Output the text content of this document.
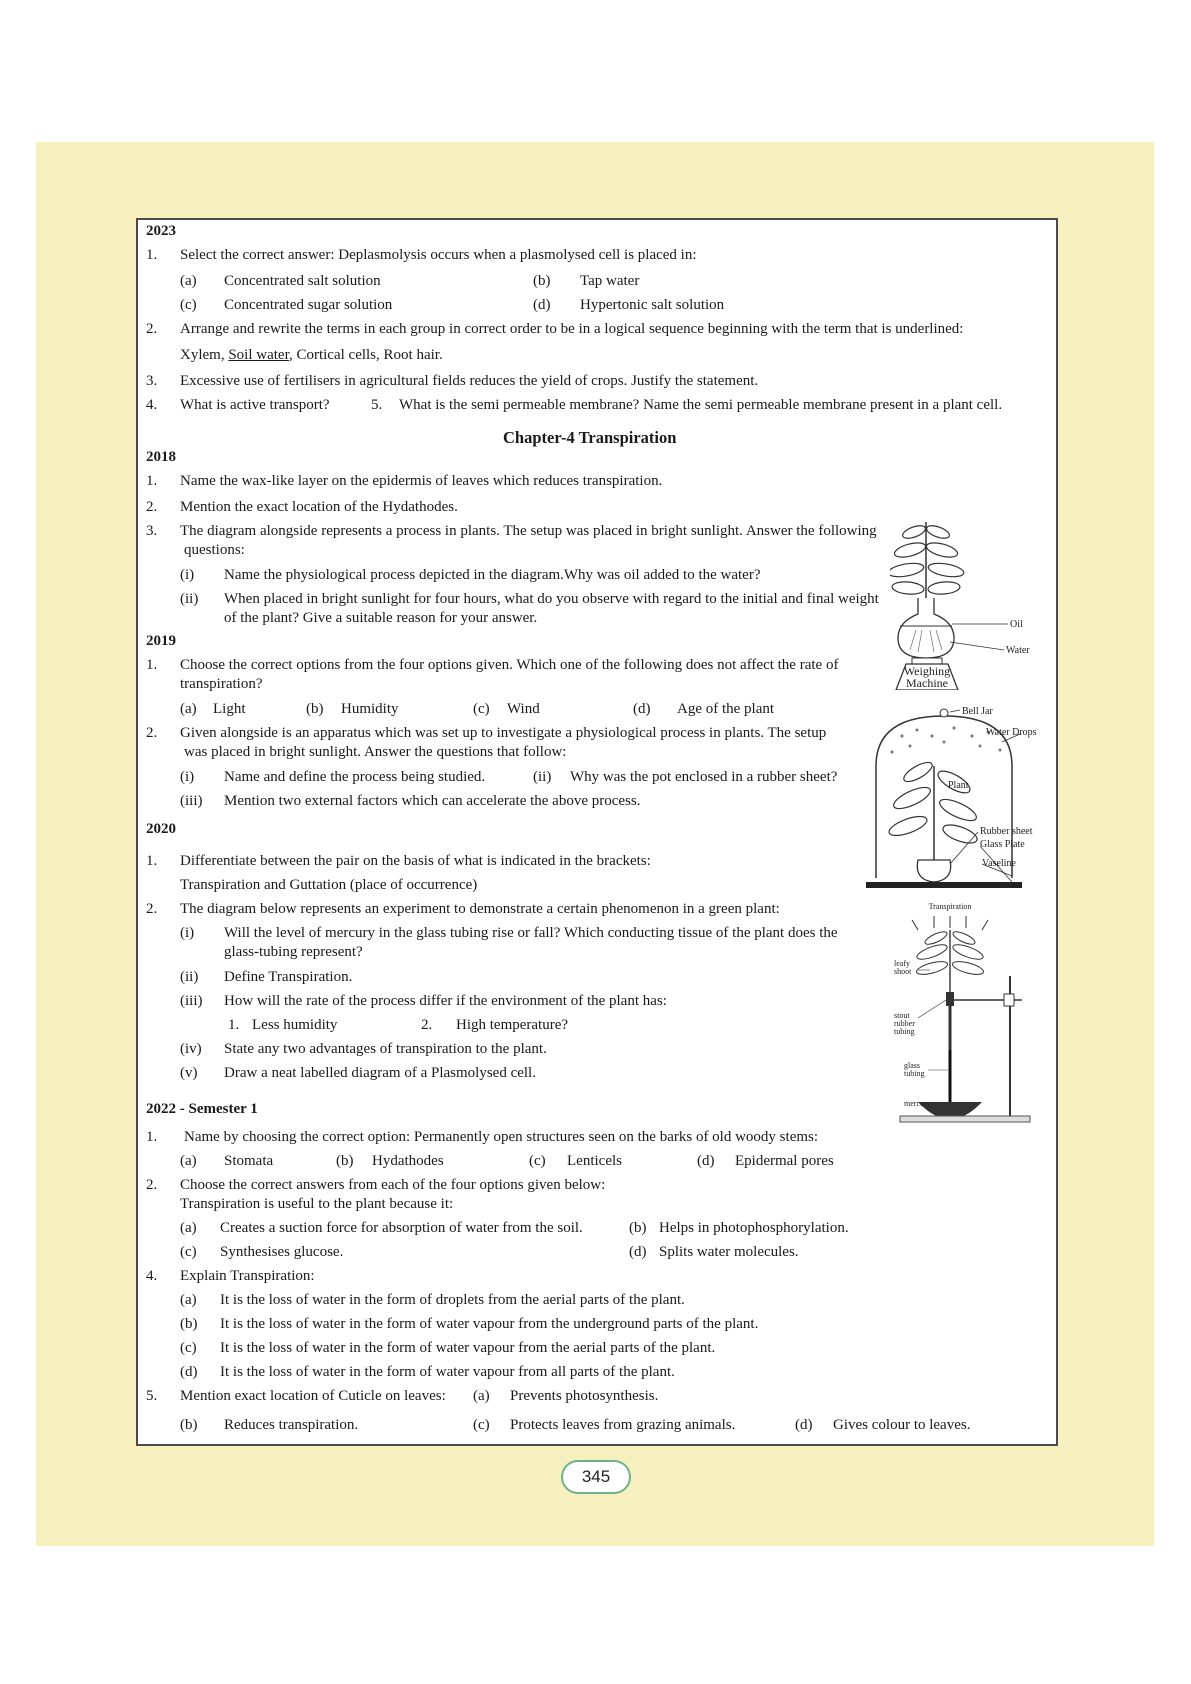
2023
1. Select the correct answer: Deplasmolysis occurs when a plasmolysed cell is placed in:
(a) Concentrated salt solution	(b) Tap water
(c) Concentrated sugar solution	(d) Hypertonic salt solution
2. Arrange and rewrite the terms in each group in correct order to be in a logical sequence beginning with the term that is underlined:
Xylem, Soil water, Cortical cells, Root hair.
3. Excessive use of fertilisers in agricultural fields reduces the yield of crops. Justify the statement.
4. What is active transport?	5. What is the semi permeable membrane? Name the semi permeable membrane present in a plant cell.
Chapter-4 Transpiration
2018
1. Name the wax-like layer on the epidermis of leaves which reduces transpiration.
2. Mention the exact location of the Hydathodes.
3. The diagram alongside represents a process in plants. The setup was placed in bright sunlight. Answer the following
questions:
(i) Name the physiological process depicted in the diagram.Why was oil added to the water?
(ii) When placed in bright sunlight for four hours, what do you observe with regard to the initial and final weight
of the plant? Give a suitable reason for your answer.	Oil
Water
Weighing
Machine
2019
1. Choose the correct options from the four options given. Which one of the following does not affect the rate of
transpiration?
(a) Light	(b) Humidity	(c) Wind	(d) Age of the plant
2. Given alongside is an apparatus which was set up to investigate a physiological process in plants. The setup
was placed in bright sunlight. Answer the questions that follow:
(i) Name and define the process being studied.	(ii) Why was the pot enclosed in a rubber sheet?
(iii) Mention two external factors which can accelerate the above process.
Bell Jar
Water Drops
Plant
Rubber sheet
Glass Plate
Vaseline
2020
1. Differentiate between the pair on the basis of what is indicated in the brackets:
Transpiration and Guttation (place of occurrence)
2. The diagram below represents an experiment to demonstrate a certain phenomenon in a green plant:
(i) Will the level of mercury in the glass tubing rise or fall? Which conducting tissue of the plant does the
glass-tubing represent?
(ii) Define Transpiration.
(iii) How will the rate of the process differ if the environment of the plant has:
1. Less humidity	2. High temperature?
(iv) State any two advantages of transpiration to the plant.
(v) Draw a neat labelled diagram of a Plasmolysed cell.
Transpiration
leafy
shoot
stout
rubber
tubing
glass
tubing
mercury
2022 - Semester 1
1. Name by choosing the correct option: Permanently open structures seen on the barks of old woody stems:
(a) Stomata	(b) Hydathodes	(c) Lenticels	(d) Epidermal pores
2. Choose the correct answers from each of the four options given below:
Transpiration is useful to the plant because it:
(a) Creates a suction force for absorption of water from the soil.	(b) Helps in photophosphorylation.
(c) Synthesises glucose.	(d) Splits water molecules.
4. Explain Transpiration:
(a) It is the loss of water in the form of droplets from the aerial parts of the plant.
(b) It is the loss of water in the form of water vapour from the underground parts of the plant.
(c) It is the loss of water in the form of water vapour from the aerial parts of the plant.
(d) It is the loss of water in the form of water vapour from all parts of the plant.
5. Mention exact location of Cuticle on leaves: (a) Prevents photosynthesis.
(b) Reduces transpiration.	(c) Protects leaves from grazing animals.	(d) Gives colour to leaves.
345
